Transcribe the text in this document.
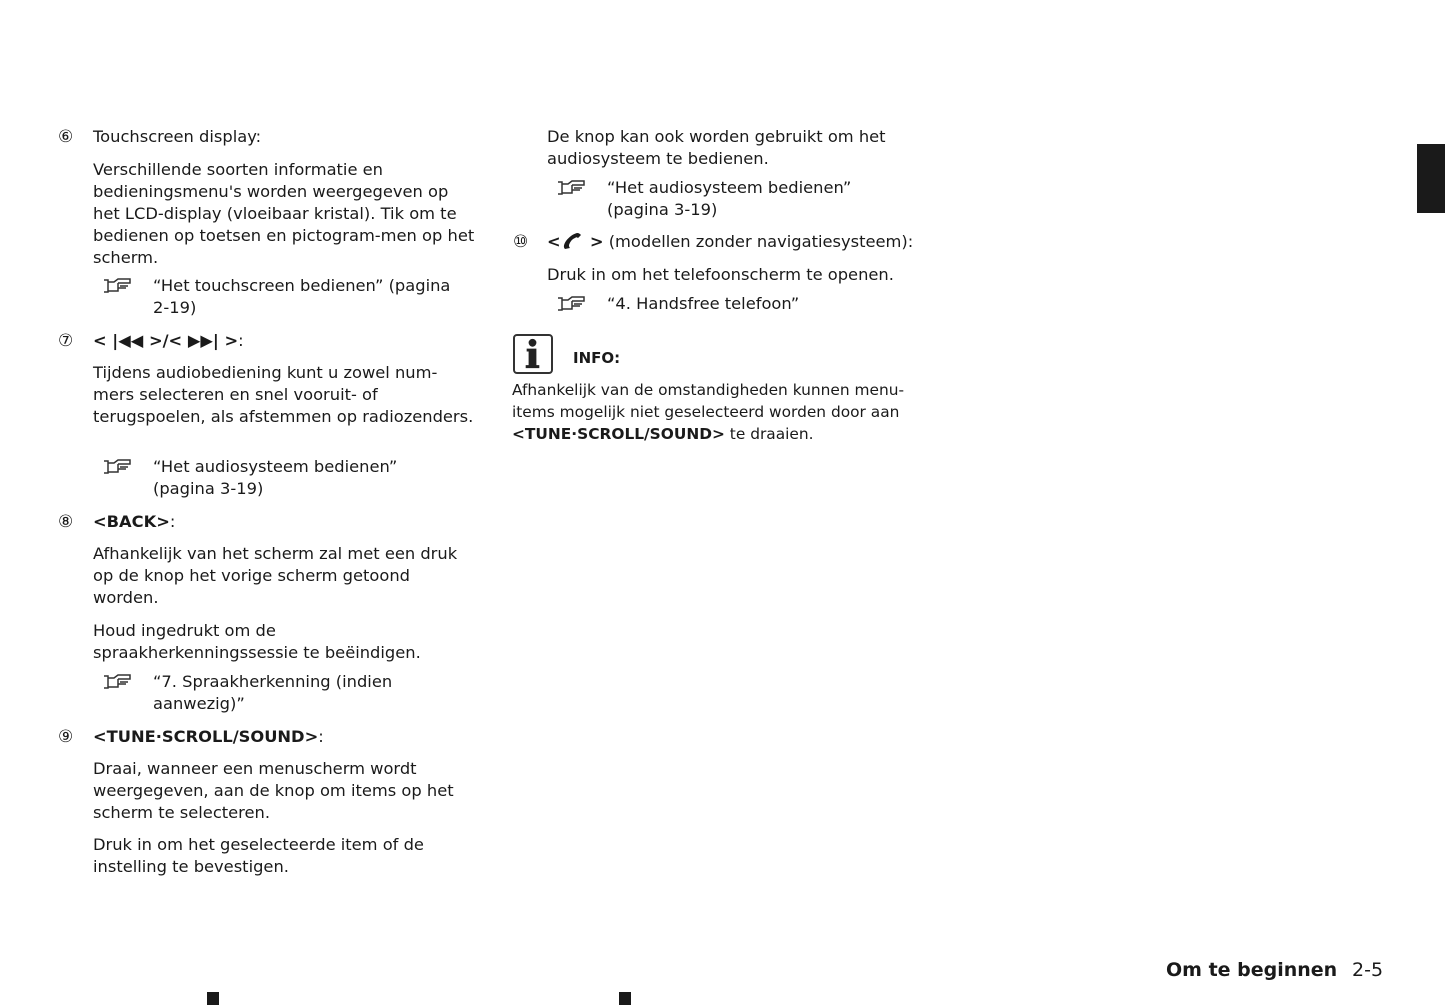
⑥ Touchscreen display:
Verschillende soorten informatie en bedieningsmenu's worden weergegeven op het LCD-display (vloeibaar kristal). Tik om te bedienen op toetsen en pictogram-men op het scherm.
“Het touchscreen bedienen” (pagina
2-19)
⑦ < |◀◀ >/< ▶▶| >:
Tijdens audiobediening kunt u zowel num-mers selecteren en snel vooruit- of terugspoelen, als afstemmen op radiozenders.
“Het audiosysteem bedienen”
(pagina 3-19)
⑧ <BACK>:
Afhankelijk van het scherm zal met een druk op de knop het vorige scherm getoond worden.
Houd ingedrukt om de spraakherkenningssessie te beëindigen.
“7. Spraakherkenning (indien
aanwezig)”
⑨ <TUNE·SCROLL/SOUND>:
Draai, wanneer een menuscherm wordt weergegeven, aan de knop om items op het scherm te selecteren.
Druk in om het geselecteerde item of de instelling te bevestigen.
De knop kan ook worden gebruikt om het audiosysteem te bedienen.
“Het audiosysteem bedienen”
(pagina 3-19)
⑩ < > (modellen zonder navigatiesysteem):
Druk in om het telefoonscherm te openen.
“4. Handsfree telefoon”
INFO:
Afhankelijk van de omstandigheden kunnen menu-items mogelijk niet geselecteerd worden door aan <TUNE·SCROLL/SOUND> te draaien.
Om te beginnen 2-5
